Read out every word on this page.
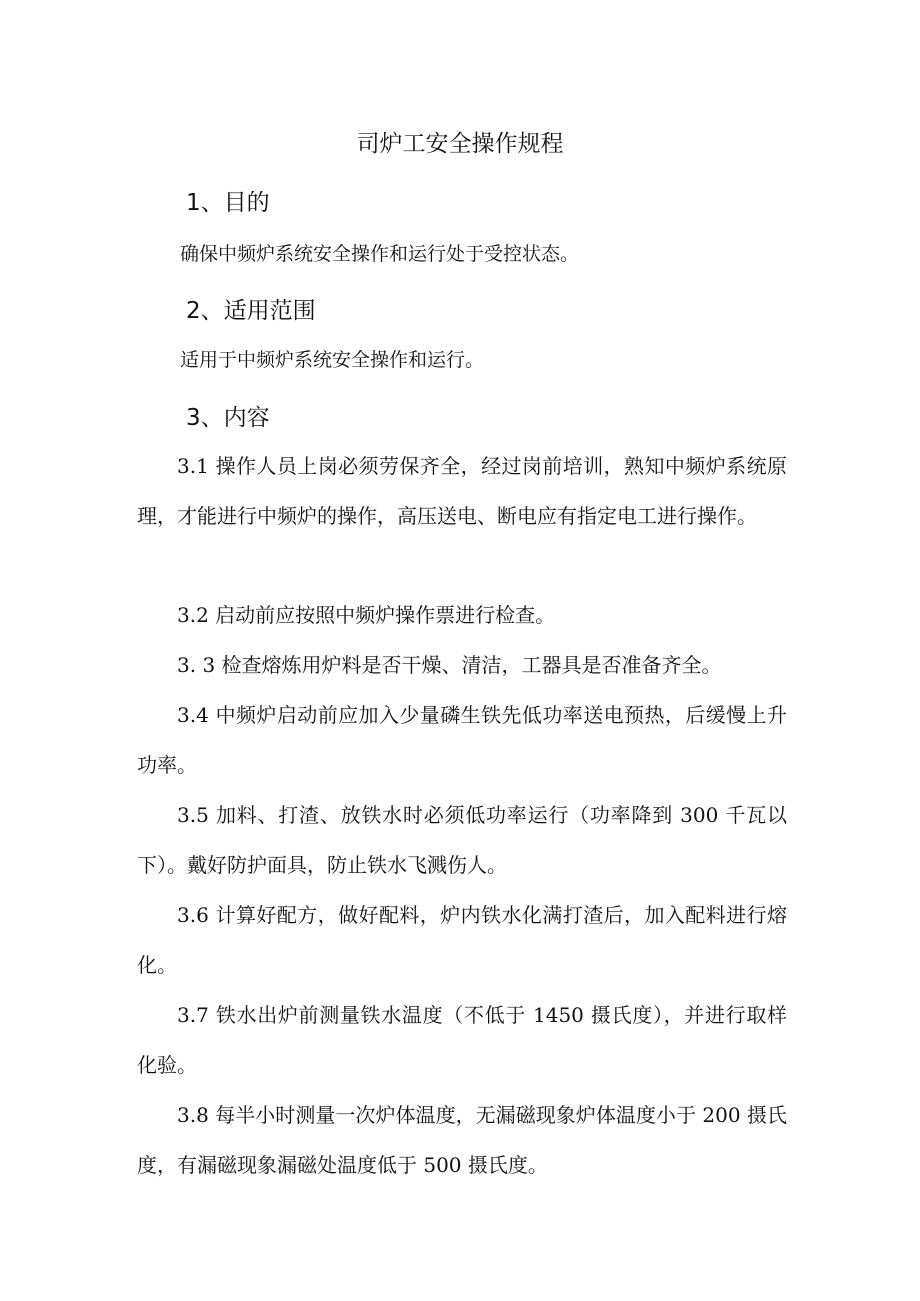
司炉工安全操作规程
1、目的
确保中频炉系统安全操作和运行处于受控状态。
2、适用范围
适用于中频炉系统安全操作和运行。
3、内容
3.1 操作人员上岗必须劳保齐全，经过岗前培训，熟知中频炉系统原理，才能进行中频炉的操作，高压送电、断电应有指定电工进行操作。
3.2 启动前应按照中频炉操作票进行检查。
3. 3 检查熔炼用炉料是否干燥、清洁，工器具是否准备齐全。
3.4 中频炉启动前应加入少量磷生铁先低功率送电预热，后缓慢上升功率。
3.5 加料、打渣、放铁水时必须低功率运行（功率降到 300 千瓦以下）。戴好防护面具，防止铁水飞溅伤人。
3.6 计算好配方，做好配料，炉内铁水化满打渣后，加入配料进行熔化。
3.7 铁水出炉前测量铁水温度（不低于 1450 摄氏度），并进行取样化验。
3.8 每半小时测量一次炉体温度，无漏磁现象炉体温度小于 200 摄氏度，有漏磁现象漏磁处温度低于 500 摄氏度。
